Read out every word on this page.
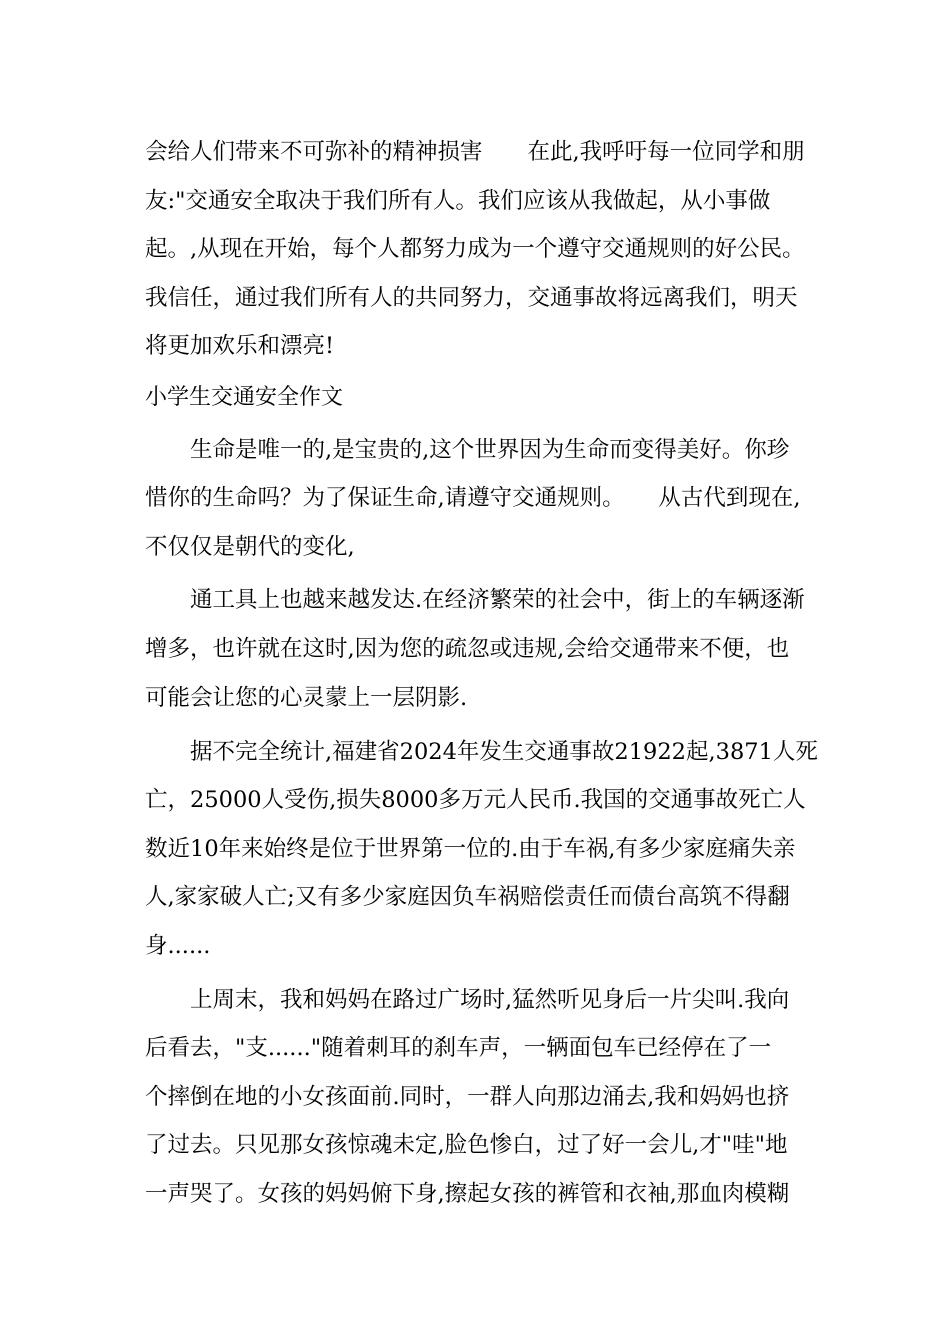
会给人们带来不可弥补的精神损害　　在此,我呼吁每一位同学和朋
友:"交通安全取决于我们所有人。我们应该从我做起，从小事做
起。,从现在开始，每个人都努力成为一个遵守交通规则的好公民。
我信任，通过我们所有人的共同努力，交通事故将远离我们，明天
将更加欢乐和漂亮!
小学生交通安全作文
　　生命是唯一的,是宝贵的,这个世界因为生命而变得美好。你珍
惜你的生命吗？为了保证生命,请遵守交通规则。　　从古代到现在,
不仅仅是朝代的变化,
　　通工具上也越来越发达.在经济繁荣的社会中，街上的车辆逐渐
增多，也许就在这时,因为您的疏忽或违规,会给交通带来不便，也
可能会让您的心灵蒙上一层阴影.
　　据不完全统计,福建省2024年发生交通事故21922起,3871人死
亡，25000人受伤,损失8000多万元人民币.我国的交通事故死亡人
数近10年来始终是位于世界第一位的.由于车祸,有多少家庭痛失亲
人,家家破人亡;又有多少家庭因负车祸赔偿责任而债台高筑不得翻
身......
　　上周末，我和妈妈在路过广场时,猛然听见身后一片尖叫.我向
后看去，"支......"随着刺耳的刹车声，一辆面包车已经停在了一
个摔倒在地的小女孩面前.同时，一群人向那边涌去,我和妈妈也挤
了过去。只见那女孩惊魂未定,脸色惨白，过了好一会儿,才"哇"地
一声哭了。女孩的妈妈俯下身,擦起女孩的裤管和衣袖,那血肉模糊
